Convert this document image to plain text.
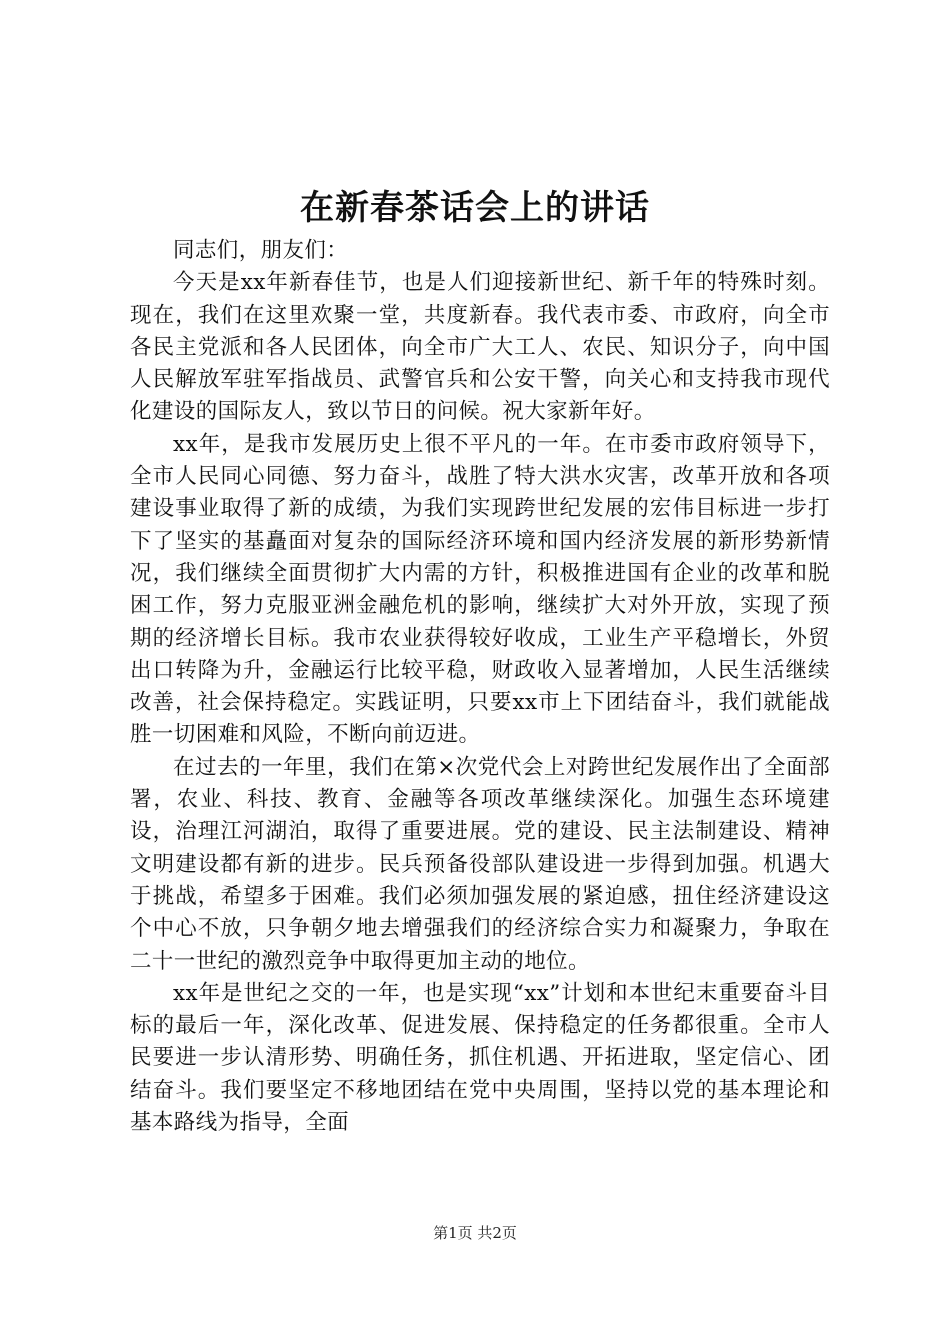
在新春茶话会上的讲话

同志们，朋友们：

今天是xx年新春佳节，也是人们迎接新世纪、新千年的特殊时刻。现在，我们在这里欢聚一堂，共度新春。我代表市委、市政府，向全市各民主党派和各人民团体，向全市广大工人、农民、知识分子，向中国人民解放军驻军指战员、武警官兵和公安干警，向关心和支持我市现代化建设的国际友人，致以节日的问候。祝大家新年好。

xx年，是我市发展历史上很不平凡的一年。在市委市政府领导下，全市人民同心同德、努力奋斗，战胜了特大洪水灾害，改革开放和各项建设事业取得了新的成绩，为我们实现跨世纪发展的宏伟目标进一步打下了坚实的基矗面对复杂的国际经济环境和国内经济发展的新形势新情况，我们继续全面贯彻扩大内需的方针，积极推进国有企业的改革和脱困工作，努力克服亚洲金融危机的影响，继续扩大对外开放，实现了预期的经济增长目标。我市农业获得较好收成，工业生产平稳增长，外贸出口转降为升，金融运行比较平稳，财政收入显著增加，人民生活继续改善，社会保持稳定。实践证明，只要xx市上下团结奋斗，我们就能战胜一切困难和风险，不断向前迈进。

在过去的一年里，我们在第×次党代会上对跨世纪发展作出了全面部署，农业、科技、教育、金融等各项改革继续深化。加强生态环境建设，治理江河湖泊，取得了重要进展。党的建设、民主法制建设、精神文明建设都有新的进步。民兵预备役部队建设进一步得到加强。机遇大于挑战，希望多于困难。我们必须加强发展的紧迫感，扭住经济建设这个中心不放，只争朝夕地去增强我们的经济综合实力和凝聚力，争取在二十一世纪的激烈竞争中取得更加主动的地位。

xx年是世纪之交的一年，也是实现“xx”计划和本世纪末重要奋斗目标的最后一年，深化改革、促进发展、保持稳定的任务都很重。全市人民要进一步认清形势、明确任务，抓住机遇、开拓进取，坚定信心、团结奋斗。我们要坚定不移地团结在党中央周围，坚持以党的基本理论和基本路线为指导，全面

第1页 共2页
